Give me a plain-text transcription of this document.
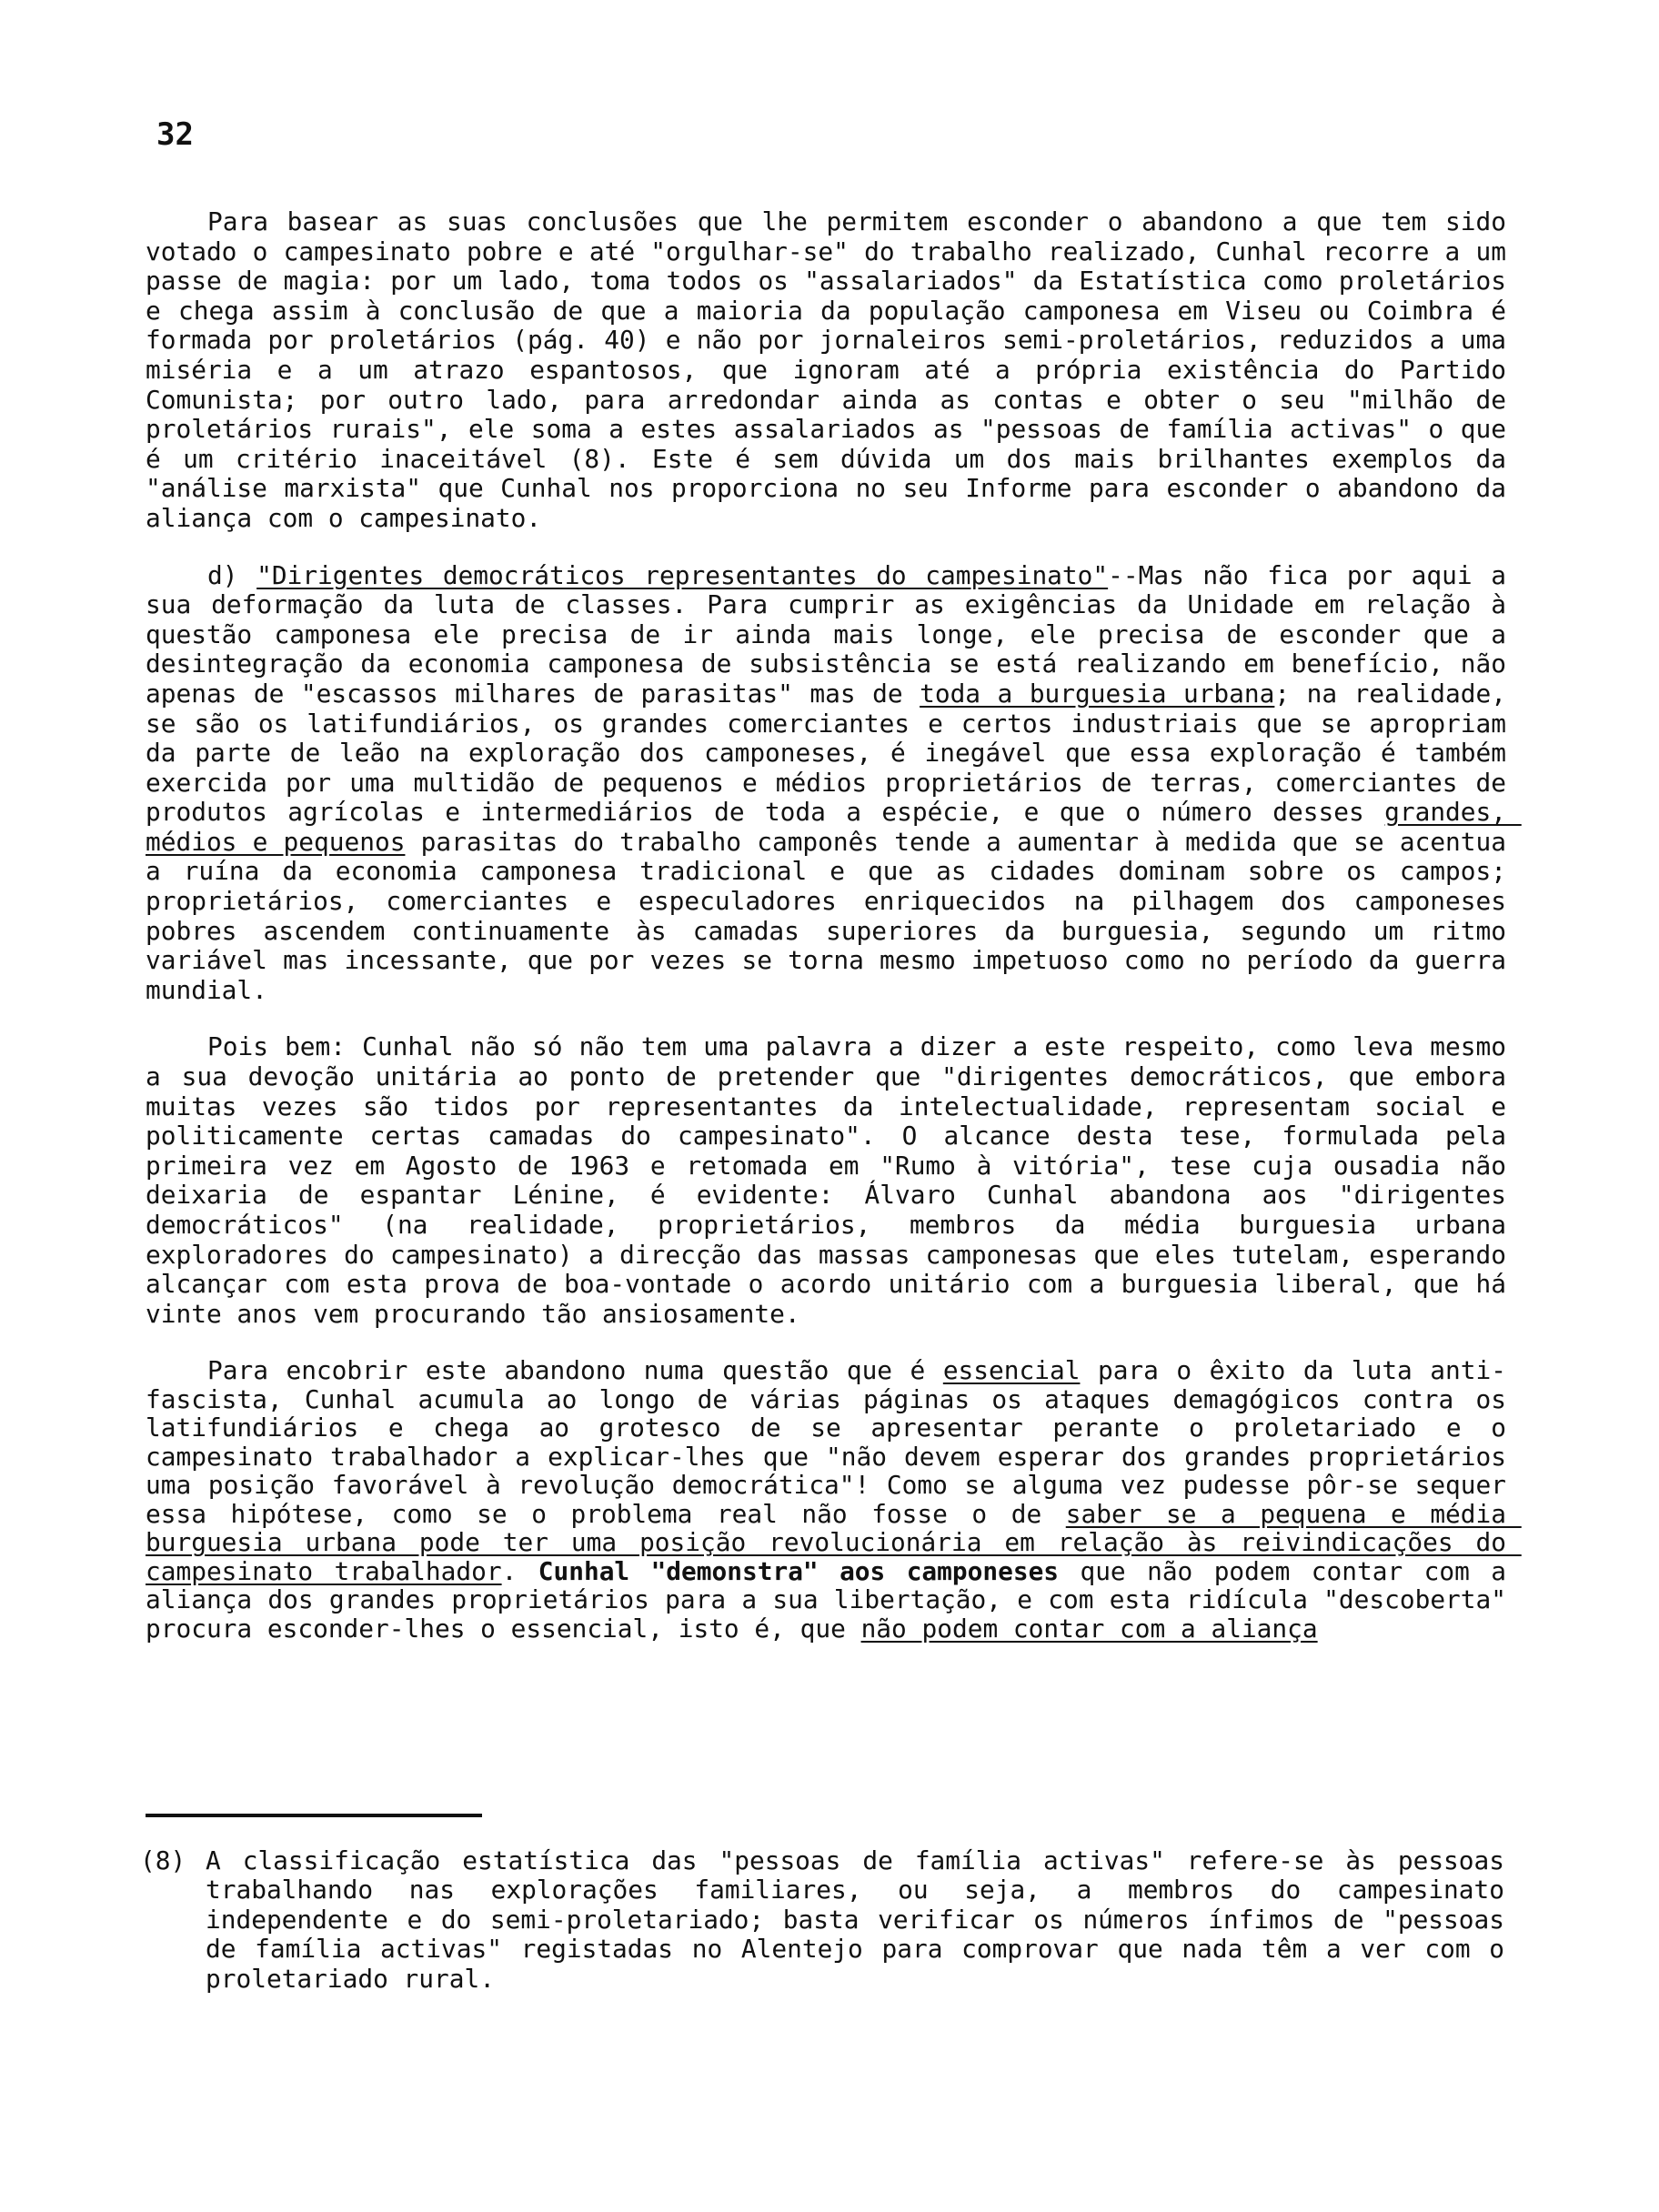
32

Para basear as suas conclusões que lhe permitem esconder o abandono a que tem sido votado o campesinato pobre e até "orgulhar-se" do trabalho realizado, Cunhal recorre a um passe de magia: por um lado, toma todos os "assalariados" da Estatística como proletários e chega assim à conclusão de que a maioria da população camponesa em Viseu ou Coimbra é formada por proletários (pág. 40) e não por jornaleiros semi-proletários, reduzidos a uma miséria e a um atrazo espantosos, que ignoram até a própria existência do Partido Comunista; por outro lado, para arredondar ainda as contas e obter o seu "milhão de proletários rurais", ele soma a estes assalariados as "pessoas de família activas" o que é um critério inaceitável (8). Este é sem dúvida um dos mais brilhantes exemplos da "análise marxista" que Cunhal nos proporciona no seu Informe para esconder o abandono da aliança com o campesinato.

d) "Dirigentes democráticos representantes do campesinato"--Mas não fica por aqui a sua deformação da luta de classes. Para cumprir as exigências da Unidade em relação à questão camponesa ele precisa de ir ainda mais longe, ele precisa de esconder que a desintegração da economia camponesa de subsistência se está realizando em benefício, não apenas de "escassos milhares de parasitas" mas de toda a burguesia urbana; na realidade, se são os latifundiários, os grandes comerciantes e certos industriais que se apropriam da parte de leão na exploração dos camponeses, é inegável que essa exploração é também exercida por uma multidão de pequenos e médios proprietários de terras, comerciantes de produtos agrícolas e intermediários de toda a espécie, e que o número desses grandes, médios e pequenos parasitas do trabalho camponês tende a aumentar à medida que se acentua a ruína da economia camponesa tradicional e que as cidades dominam sobre os campos; proprietários, comerciantes e especuladores enriquecidos na pilhagem dos camponeses pobres ascendem continuamente às camadas superiores da burguesia, segundo um ritmo variável mas incessante, que por vezes se torna mesmo impetuoso como no período da guerra mundial.

Pois bem: Cunhal não só não tem uma palavra a dizer a este respeito, como leva mesmo a sua devoção unitária ao ponto de pretender que "dirigentes democráticos, que embora muitas vezes são tidos por representantes da intelectualidade, representam social e politicamente certas camadas do campesinato". O alcance desta tese, formulada pela primeira vez em Agosto de 1963 e retomada em "Rumo à vitória", tese cuja ousadia não deixaria de espantar Lénine, é evidente: Álvaro Cunhal abandona aos "dirigentes democráticos" (na realidade, proprietários, membros da média burguesia urbana exploradores do campesinato) a direcção das massas camponesas que eles tutelam, esperando alcançar com esta prova de boa-vontade o acordo unitário com a burguesia liberal, que há vinte anos vem procurando tão ansiosamente.

Para encobrir este abandono numa questão que é essencial para o êxito da luta anti-fascista, Cunhal acumula ao longo de várias páginas os ataques demagógicos contra os latifundiários e chega ao grotesco de se apresentar perante o proletariado e o campesinato trabalhador a explicar-lhes que "não devem esperar dos grandes proprietários uma posição favorável à revolução democrática"! Como se alguma vez pudesse pôr-se sequer essa hipótese, como se o problema real não fosse o de saber se a pequena e média burguesia urbana pode ter uma posição revolucionária em relação às reivindicações do campesinato trabalhador. Cunhal "demonstra" aos camponeses que não podem contar com a aliança dos grandes proprietários para a sua libertação, e com esta ridícula "descoberta" procura esconder-lhes o essencial, isto é, que não podem contar com a aliança

(8) A classificação estatística das "pessoas de família activas" refere-se às pessoas trabalhando nas explorações familiares, ou seja, a membros do campesinato independente e do semi-proletariado; basta verificar os números ínfimos de "pessoas de família activas" registadas no Alentejo para comprovar que nada têm a ver com o proletariado rural.
